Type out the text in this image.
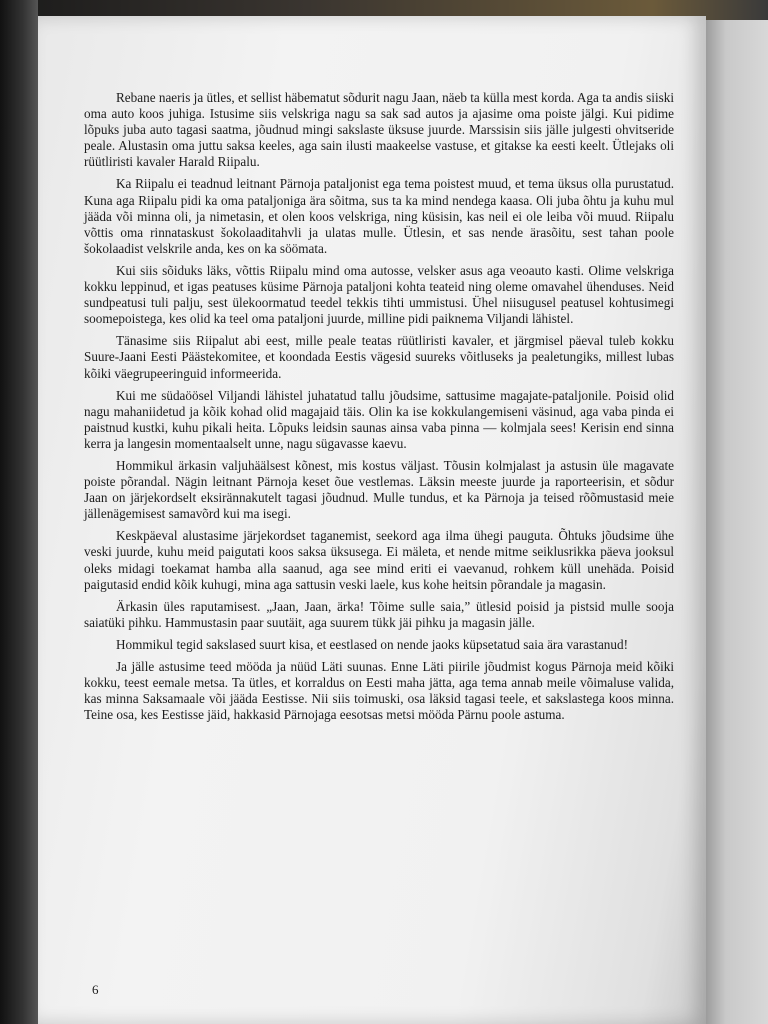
Rebane naeris ja ütles, et sellist häbematut sõdurit nagu Jaan, näeb ta külla mest korda. Aga ta andis siiski oma auto koos juhiga. Istusime siis velskriga nagu sa sak sad autos ja ajasime oma poiste jälgi. Kui pidime lõpuks juba auto tagasi saatma, jõudnud mingi sakslaste üksuse juurde. Marssisin siis jälle julgesti ohvitseride peale. Alustasin oma juttu saksa keeles, aga sain ilusti maakeelse vastuse, et gitakse ka eesti keelt. Ütlejaks oli rüütliristi kavaler Harald Riipalu.

Ka Riipalu ei teadnud leitnant Pärnoja pataljonist ega tema poistest muud, et tema üksus olla purustatud. Kuna aga Riipalu pidi ka oma pataljoniga ära sõitma, sus ta ka mind nendega kaasa. Oli juba õhtu ja kuhu mul jääda või minna oli, ja nimetasin, et olen koos velskriga, ning küsisin, kas neil ei ole leiba või muud. Riipalu võttis oma rinnataskust šokolaaditahvli ja ulatas mulle. Ütlesin, et sas nende ärasõitu, sest tahan poole šokolaadist velskrile anda, kes on ka söömata.

Kui siis sõiduks läks, võttis Riipalu mind oma autosse, velsker asus aga veoauto kasti. Olime velskriga kokku leppinud, et igas peatuses küsime Pärnoja pataljoni kohta teateid ning oleme omavahel ühenduses. Neid sundpeatusi tuli palju, sest ülekoormatud teedel tekkis tihti ummistusi. Ühel niisugusel peatusel kohtusimegi soomepoistega, kes olid ka teel oma pataljoni juurde, milline pidi paiknema Viljandi lähistel.

Tänasime siis Riipalut abi eest, mille peale teatas rüütliristi kavaler, et järgmisel päeval tuleb kokku Suure-Jaani Eesti Päästekomitee, et koondada Eestis vägesid suureks võitluseks ja pealetungiks, millest lubas kõiki väegrupeeringuid informeerida.

Kui me südaöösel Viljandi lähistel juhatatud tallu jõudsime, sattusime magajate-pataljonile. Poisid olid nagu mahaniidetud ja kõik kohad olid magajaid täis. Olin ka ise kokkulangemiseni väsinud, aga vaba pinda ei paistnud kustki, kuhu pikali heita. Lõpuks leidsin saunas ainsa vaba pinna — kolmjala sees! Kerisin end sinna kerra ja langesin momentaalselt unne, nagu sügavasse kaevu.

Hommikul ärkasin valjuhäälsest kõnest, mis kostus väljast. Tõusin kolmjalast ja astusin üle magavate poiste põrandal. Nägin leitnant Pärnoja keset õue vestlemas. Läksin meeste juurde ja raporteerisin, et sõdur Jaan on järjekordselt eksirännakutelt tagasi jõudnud. Mulle tundus, et ka Pärnoja ja teised rõõmustasid meie jällenägemisest samavõrd kui ma isegi.

Keskpäeval alustasime järjekordset taganemist, seekord aga ilma ühegi pauguta. Õhtuks jõudsime ühe veski juurde, kuhu meid paigutati koos saksa üksusega. Ei mäleta, et nende mitme seiklusrikka päeva jooksul oleks midagi toekamat hamba alla saanud, aga see mind eriti ei vaevanud, rohkem küll unehäda. Poisid paigutasid endid kõik kuhugi, mina aga sattusin veski laele, kus kohe heitsin põrandale ja magasin.

Ärkasin üles raputamisest. „Jaan, Jaan, ärka! Tõime sulle saia,” ütlesid poisid ja pistsid mulle sooja saiatüki pihku. Hammustasin paar suutäit, aga suurem tükk jäi pihku ja magasin jälle.

Hommikul tegid sakslased suurt kisa, et eestlased on nende jaoks küpsetatud saia ära varastanud!

Ja jälle astusime teed mööda ja nüüd Läti suunas. Enne Läti piirile jõudmist kogus Pärnoja meid kõiki kokku, teest eemale metsa. Ta ütles, et korraldus on Eesti maha jätta, aga tema annab meile võimaluse valida, kas minna Saksamaale või jääda Eestisse. Nii siis toimuski, osa läksid tagasi teele, et sakslastega koos minna. Teine osa, kes Eestisse jäid, hakkasid Pärnojaga eesotsas metsi mööda Pärnu poole astuma.

6
